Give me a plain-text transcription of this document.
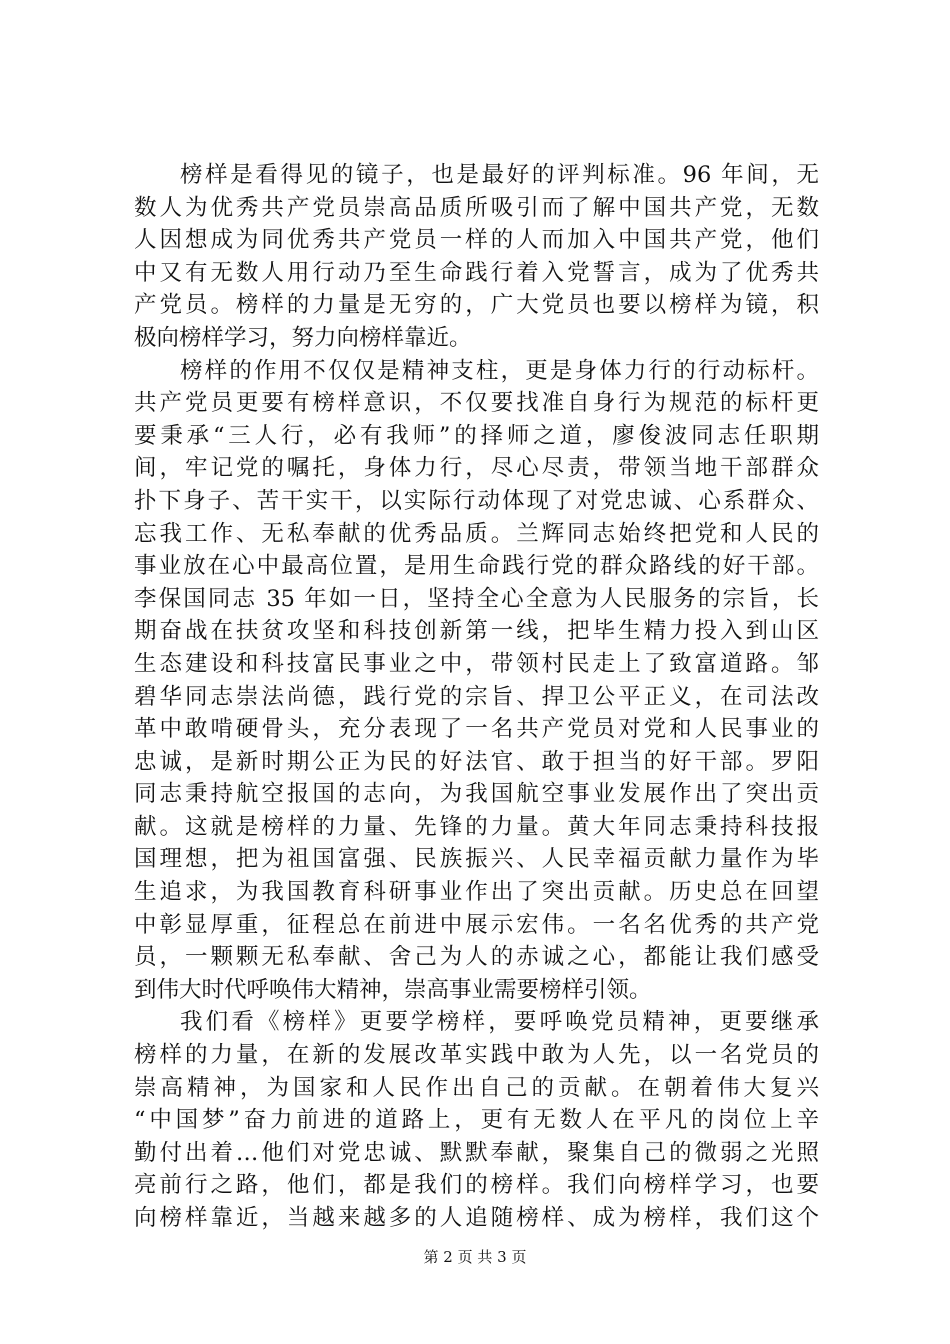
榜样是看得见的镜子，也是最好的评判标准。96 年间，无
数人为优秀共产党员崇高品质所吸引而了解中国共产党，无数
人因想成为同优秀共产党员一样的人而加入中国共产党，他们
中又有无数人用行动乃至生命践行着入党誓言，成为了优秀共
产党员。榜样的力量是无穷的，广大党员也要以榜样为镜，积
极向榜样学习，努力向榜样靠近。
榜样的作用不仅仅是精神支柱，更是身体力行的行动标杆。
共产党员更要有榜样意识，不仅要找准自身行为规范的标杆更
要秉承“三人行，必有我师”的择师之道，廖俊波同志任职期
间，牢记党的嘱托，身体力行，尽心尽责，带领当地干部群众
扑下身子、苦干实干，以实际行动体现了对党忠诚、心系群众、
忘我工作、无私奉献的优秀品质。兰辉同志始终把党和人民的
事业放在心中最高位置，是用生命践行党的群众路线的好干部。
李保国同志 35 年如一日，坚持全心全意为人民服务的宗旨，长
期奋战在扶贫攻坚和科技创新第一线，把毕生精力投入到山区
生态建设和科技富民事业之中，带领村民走上了致富道路。邹
碧华同志崇法尚德，践行党的宗旨、捍卫公平正义，在司法改
革中敢啃硬骨头，充分表现了一名共产党员对党和人民事业的
忠诚，是新时期公正为民的好法官、敢于担当的好干部。罗阳
同志秉持航空报国的志向，为我国航空事业发展作出了突出贡
献。这就是榜样的力量、先锋的力量。黄大年同志秉持科技报
国理想，把为祖国富强、民族振兴、人民幸福贡献力量作为毕
生追求，为我国教育科研事业作出了突出贡献。历史总在回望
中彰显厚重，征程总在前进中展示宏伟。一名名优秀的共产党
员，一颗颗无私奉献、舍己为人的赤诚之心，都能让我们感受
到伟大时代呼唤伟大精神，崇高事业需要榜样引领。
我们看《榜样》更要学榜样，要呼唤党员精神，更要继承
榜样的力量，在新的发展改革实践中敢为人先，以一名党员的
崇高精神，为国家和人民作出自己的贡献。在朝着伟大复兴
“中国梦”奋力前进的道路上，更有无数人在平凡的岗位上辛
勤付出着…他们对党忠诚、默默奉献，聚集自己的微弱之光照
亮前行之路，他们，都是我们的榜样。我们向榜样学习，也要
向榜样靠近，当越来越多的人追随榜样、成为榜样，我们这个
第 2 页 共 3 页
